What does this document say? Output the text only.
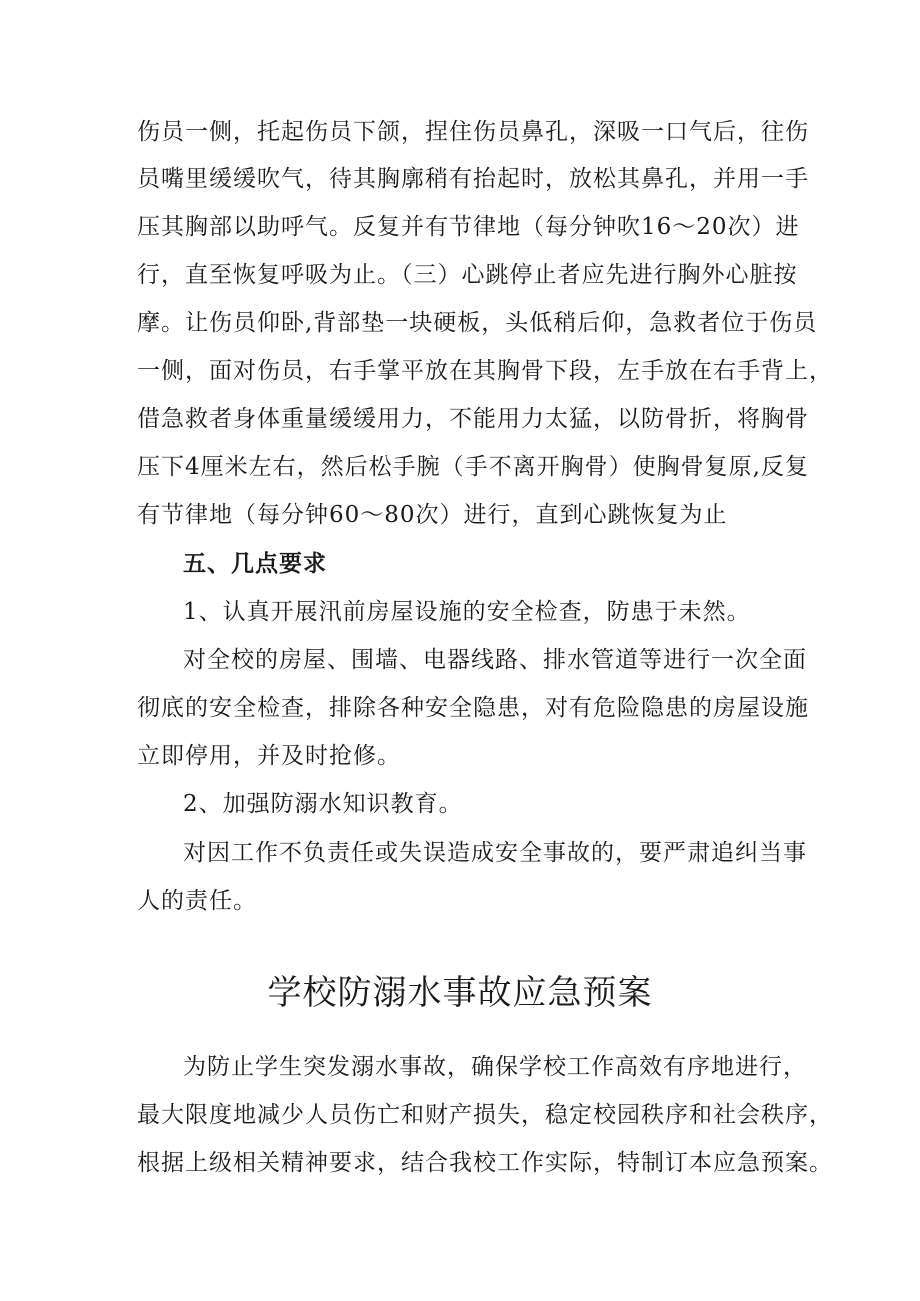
伤员一侧，托起伤员下颌，捏住伤员鼻孔，深吸一口气后，往伤
员嘴里缓缓吹气，待其胸廓稍有抬起时，放松其鼻孔，并用一手
压其胸部以助呼气。反复并有节律地（每分钟吹16～20次）进
行，直至恢复呼吸为止。（三）心跳停止者应先进行胸外心脏按
摩。让伤员仰卧,背部垫一块硬板，头低稍后仰，急救者位于伤员
一侧，面对伤员，右手掌平放在其胸骨下段，左手放在右手背上，
借急救者身体重量缓缓用力，不能用力太猛，以防骨折，将胸骨
压下4厘米左右，然后松手腕（手不离开胸骨）使胸骨复原,反复
有节律地（每分钟60～80次）进行，直到心跳恢复为止
五、几点要求
1、认真开展汛前房屋设施的安全检查，防患于未然。
对全校的房屋、围墙、电器线路、排水管道等进行一次全面
彻底的安全检查，排除各种安全隐患，对有危险隐患的房屋设施
立即停用，并及时抢修。
2、加强防溺水知识教育。
对因工作不负责任或失误造成安全事故的，要严肃追纠当事
人的责任。
学校防溺水事故应急预案
为防止学生突发溺水事故，确保学校工作高效有序地进行，
最大限度地减少人员伤亡和财产损失，稳定校园秩序和社会秩序，
根据上级相关精神要求，结合我校工作实际，特制订本应急预案。
